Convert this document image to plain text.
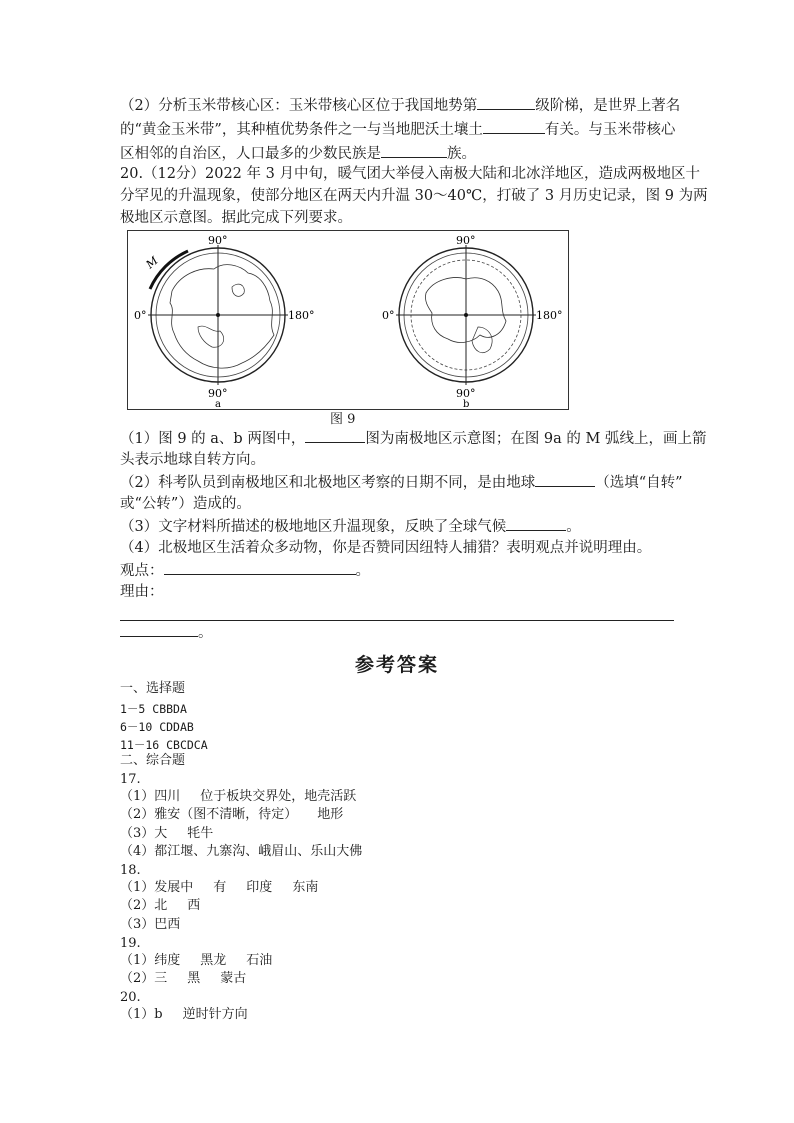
（2）分析玉米带核心区：玉米带核心区位于我国地势第	级阶梯，是世界上著名
的“黄金玉米带”，其种植优势条件之一与当地肥沃土壤土	有关。与玉米带核心
区相邻的自治区，人口最多的少数民族是	族。
20.（12分）2022 年 3 月中旬，暖气团大举侵入南极大陆和北冰洋地区，造成两极地区十
分罕见的升温现象，使部分地区在两天内升温 30～40℃，打破了 3 月历史记录，图 9 为两
极地区示意图。据此完成下列要求。
M
90°
90°
0°	180°
a
90°
90°
0°	180°
b
图 9
（1）图 9 的 a、b 两图中，	图为南极地区示意图；在图 9a 的 M 弧线上，画上箭
头表示地球自转方向。
（2）科考队员到南极地区和北极地区考察的日期不同，是由地球	（选填“自转”
或“公转”）造成的。
（3）文字材料所描述的极地地区升温现象，反映了全球气候	。
（4）北极地区生活着众多动物，你是否赞同因纽特人捕猎？表明观点并说明理由。
观点：	。
理由：
。
参考答案
一、选择题
1－5 CBBDA
6－10 CDDAB
11－16 CBCDCA
二、综合题
17.
（1）四川 位于板块交界处，地壳活跃
（2）雅安（图不清晰，待定） 地形
（3）大 牦牛
（4）都江堰、九寨沟、峨眉山、乐山大佛
18.
（1）发展中 有 印度 东南
（2）北 西
（3）巴西
19.
（1）纬度 黑龙 石油
（2）三 黑 蒙古
20.
（1）b 逆时针方向
